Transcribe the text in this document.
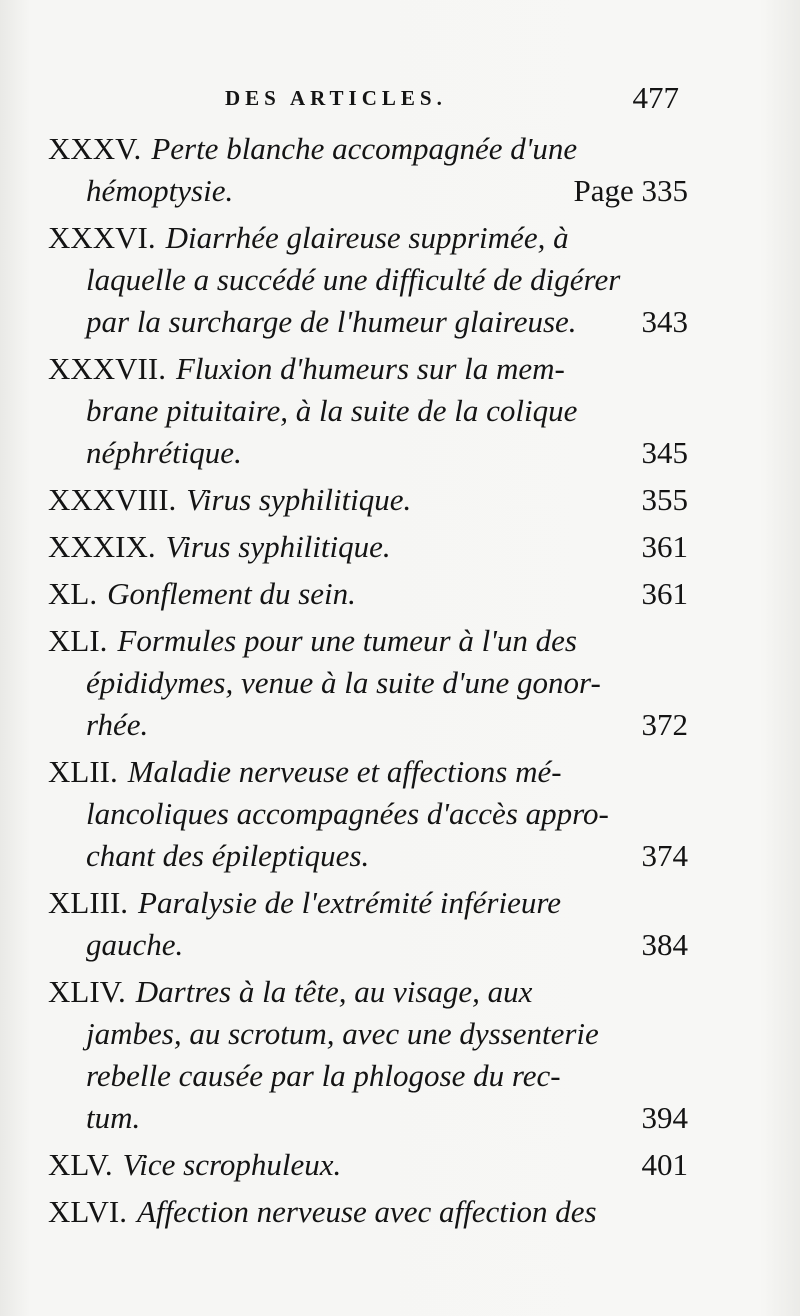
DES ARTICLES.	477
XXXV. Perte blanche accompagnée d'une
hémoptysie.	Page 335
XXXVI. Diarrhée glaireuse supprimée, à
laquelle a succédé une difficulté de digérer
par la surcharge de l'humeur glaireuse. 343
XXXVII. Fluxion d'humeurs sur la mem-
brane pituitaire, à la suite de la colique
néphrétique.	345
XXXVIII. Virus syphilitique.	355
XXXIX. Virus syphilitique.	361
XL. Gonflement du sein.	361
XLI. Formules pour une tumeur à l'un des
épididymes, venue à la suite d'une gonor-
rhée.	372
XLII. Maladie nerveuse et affections mé-
lancoliques accompagnées d'accès appro-
chant des épileptiques.	374
XLIII. Paralysie de l'extrémité inférieure
gauche.	384
XLIV. Dartres à la tête, au visage, aux
jambes, au scrotum, avec une dyssenterie
rebelle causée par la phlogose du rec-
tum.	394
XLV. Vice scrophuleux.	401
XLVI. Affection nerveuse avec affection des
